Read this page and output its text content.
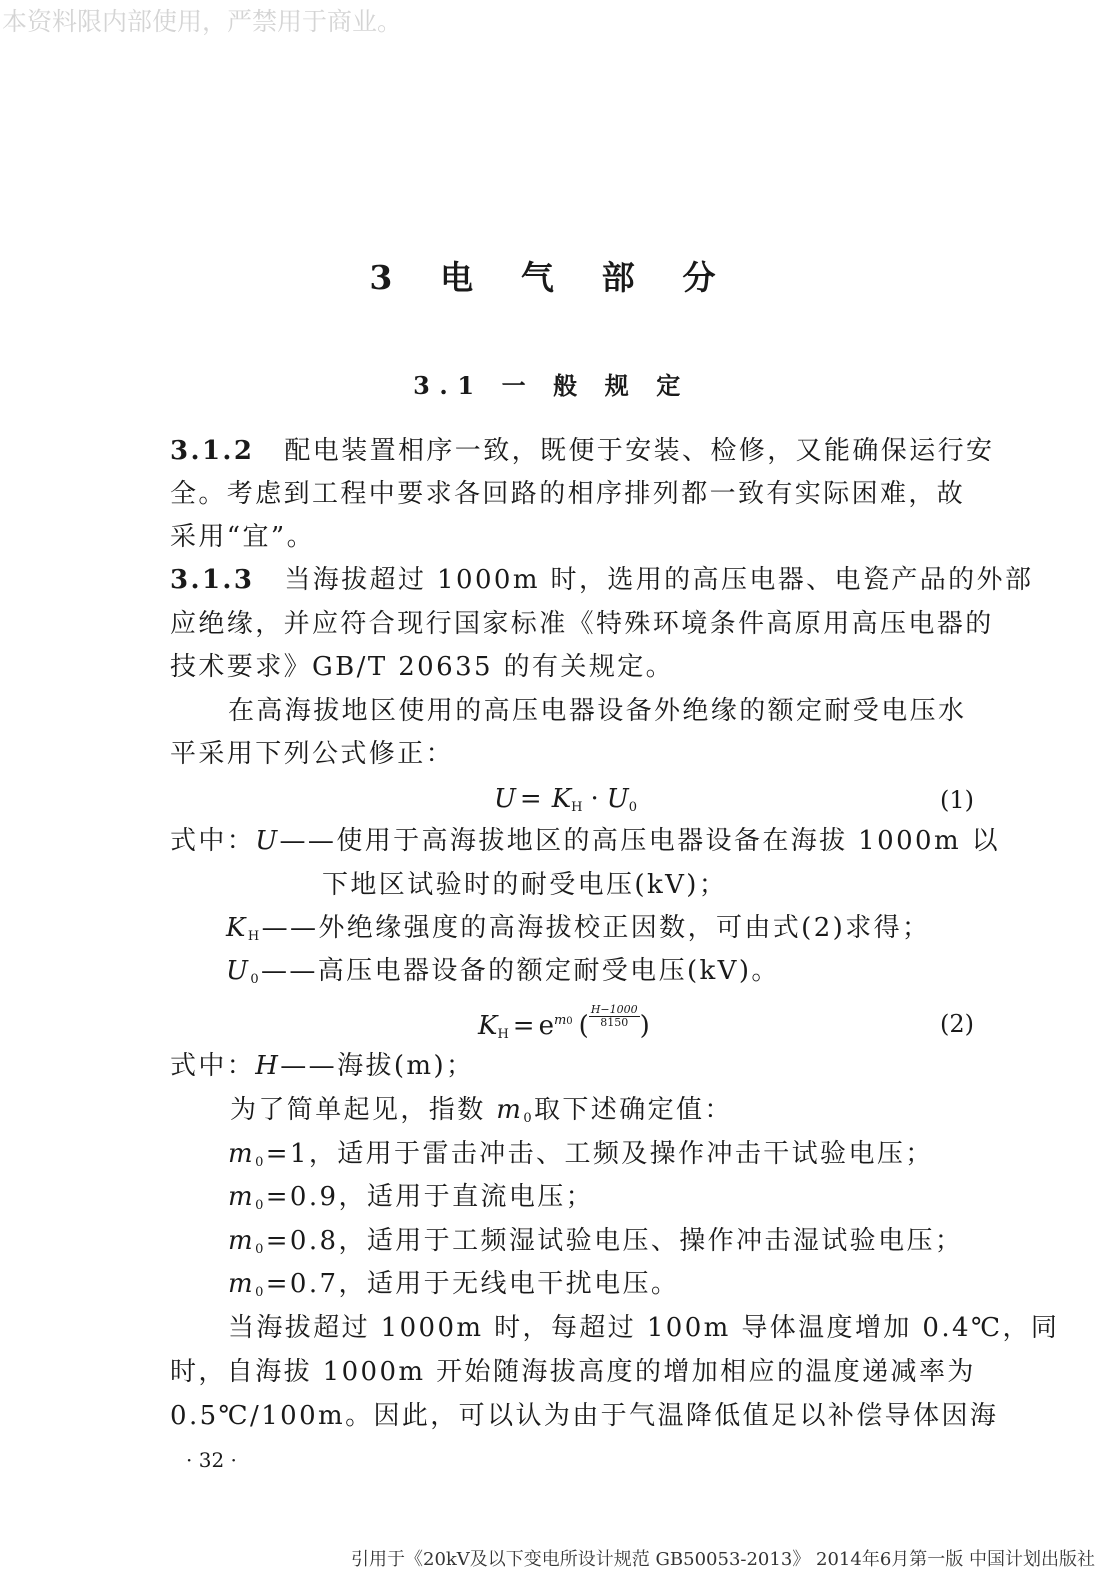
本资料限内部使用，严禁用于商业。
3 电 气 部 分
3.1 一 般 规 定
3.1.2 配电装置相序一致，既便于安装、检修，又能确保运行安
全。考虑到工程中要求各回路的相序排列都一致有实际困难，故
采用“宜”。
3.1.3 当海拔超过 1000m 时，选用的高压电器、电瓷产品的外部
应绝缘，并应符合现行国家标准《特殊环境条件高原用高压电器的
技术要求》GB/T 20635 的有关规定。
在高海拔地区使用的高压电器设备外绝缘的额定耐受电压水
平采用下列公式修正：
$U = K_H \cdot U_0$	(1)
式中：U——使用于高海拔地区的高压电器设备在海拔 1000m 以
下地区试验时的耐受电压(kV)；
$K_H——$外绝缘强度的高海拔校正因数，可由式(2)求得；
$U_0——$高压电器设备的额定耐受电压(kV)。
$K_H = e^{m0}$ ( $\frac{H-1000}{8150}$ )	(2)
式中：H——海拔(m)；
为了简单起见，指数 $m_0$取下述确定值：
$m_0=1$，适用于雷击冲击、工频及操作冲击干试验电压；
$m_0=0.9$，适用于直流电压；
$m_0=0.8$，适用于工频湿试验电压、操作冲击湿试验电压；
$m_0=0.7$，适用于无线电干扰电压。
当海拔超过 1000m 时，每超过 100m 导体温度增加 0.4℃，同
时，自海拔 1000m 开始随海拔高度的增加相应的温度递减率为
0.5℃/100m。因此，可以认为由于气温降低值足以补偿导体因海
· 32 ·
引用于《20kV及以下变电所设计规范 GB50053-2013》 2014年6月第一版 中国计划出版社
